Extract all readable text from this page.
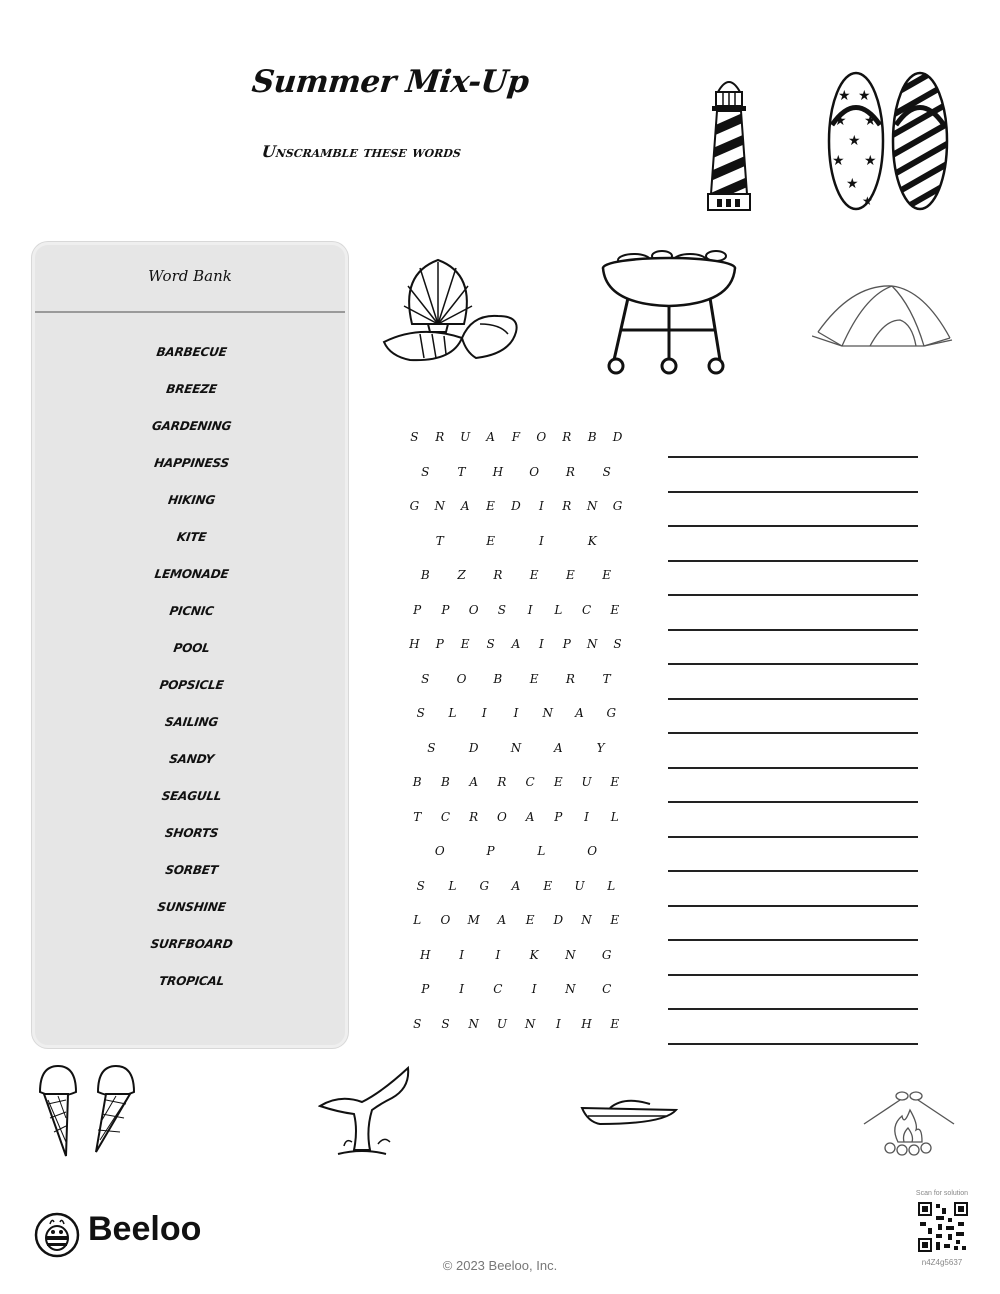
Summer Mix-Up
Unscramble these words
★ ★
★ ★
★
★ ★
★
★
Word Bank
BARBECUE
BREEZE
GARDENING
HAPPINESS
HIKING
KITE
LEMONADE
PICNIC
POOL
POPSICLE
SAILING
SANDY
SEAGULL
SHORTS
SORBET
SUNSHINE
SURFBOARD
TROPICAL
S R U A F O R B D
S T H O R S
G N A E D	I	R N G
T	E	I	K
B Z R E E E
P P O S	I	L C E
H P E S A	I	P N S
S O B E R T
S L	I	I	N A G
S	D	N	A	Y
B B A R C E U E
T C R O A P	I	L
O	P	L	O
S L G A E U L
L O M A E D N E
H	I	I	K N G
P	I	C	I	N C
S S N U N	I	H E
Beeloo
© 2023 Beeloo, Inc.
Scan for solution
n4Z4g5637
